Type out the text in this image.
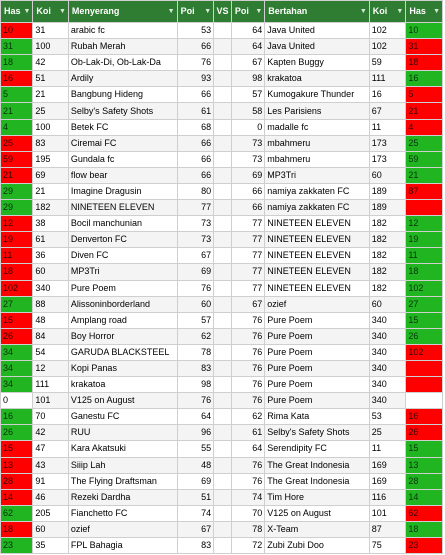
Has ▼	Koi ▼	Menyerang ▼	Poi ▼	VS	Poi ▼	Bertahan ▼	Koi ▼	Has ▼

10	31	arabic fc	53		64	Java United	102	10
31	100	Rubah Merah	66		64	Java United	102	31
18	42	Ob-Lak-Di, Ob-Lak-Da	76		67	Kapten Buggy	59	18
16	51	Ardily	93		98	krakatoa	111	16
5	21	Bangbung Hideng	66		57	Kumogakure Thunder	16	5
21	25	Selby's Safety Shots	61		58	Les Parisiens	67	21
4	100	Betek FC	68		0	madalle fc	11	4
25	83	Ciremai FC	66		73	mbahmeru	173	25
59	195	Gundala fc	66		73	mbahmeru	173	59
21	69	flow bear	66		69	MP3Tri	60	21
29	21	Imagine Dragusin	80		66	namiya zakkaten FC	189	87
29	182	NINETEEN ELEVEN	77		66	namiya zakkaten FC	189	
12	38	Bocil manchunian	73		77	NINETEEN ELEVEN	182	12
19	61	Denverton FC	73		77	NINETEEN ELEVEN	182	19
11	36	Diven FC	67		77	NINETEEN ELEVEN	182	11
18	60	MP3Tri	69		77	NINETEEN ELEVEN	182	18
102	340	Pure Poem	76		77	NINETEEN ELEVEN	182	102
27	88	Alissoninborderland	60		67	ozief	60	27
15	48	Amplang road	57		76	Pure Poem	340	15
26	84	Boy Horror	62		76	Pure Poem	340	26
34	54	GARUDA BLACKSTEEL	78		76	Pure Poem	340	102
34	12	Kopi Panas	83		76	Pure Poem	340	
34	111	krakatoa	98		76	Pure Poem	340	
0	101	V125 on August	76		76	Pure Poem	340	
16	70	Ganestu FC	64		62	Rima Kata	53	16
26	42	RUU	96		61	Selby's Safety Shots	25	26
15	47	Kara Akatsuki	55		64	Serendipity FC	11	15
13	43	Siiip Lah	48		76	The Great Indonesia	169	13
28	91	The Flying Draftsman	69		76	The Great Indonesia	169	28
14	46	Rezeki Dardha	51		74	Tim Hore	116	14
62	205	Fianchetto FC	74		70	V125 on August	101	62
18	60	ozief	67		78	X-Team	87	18
23	35	FPL Bahagia	83		72	Zubi Zubi Doo	75	23
